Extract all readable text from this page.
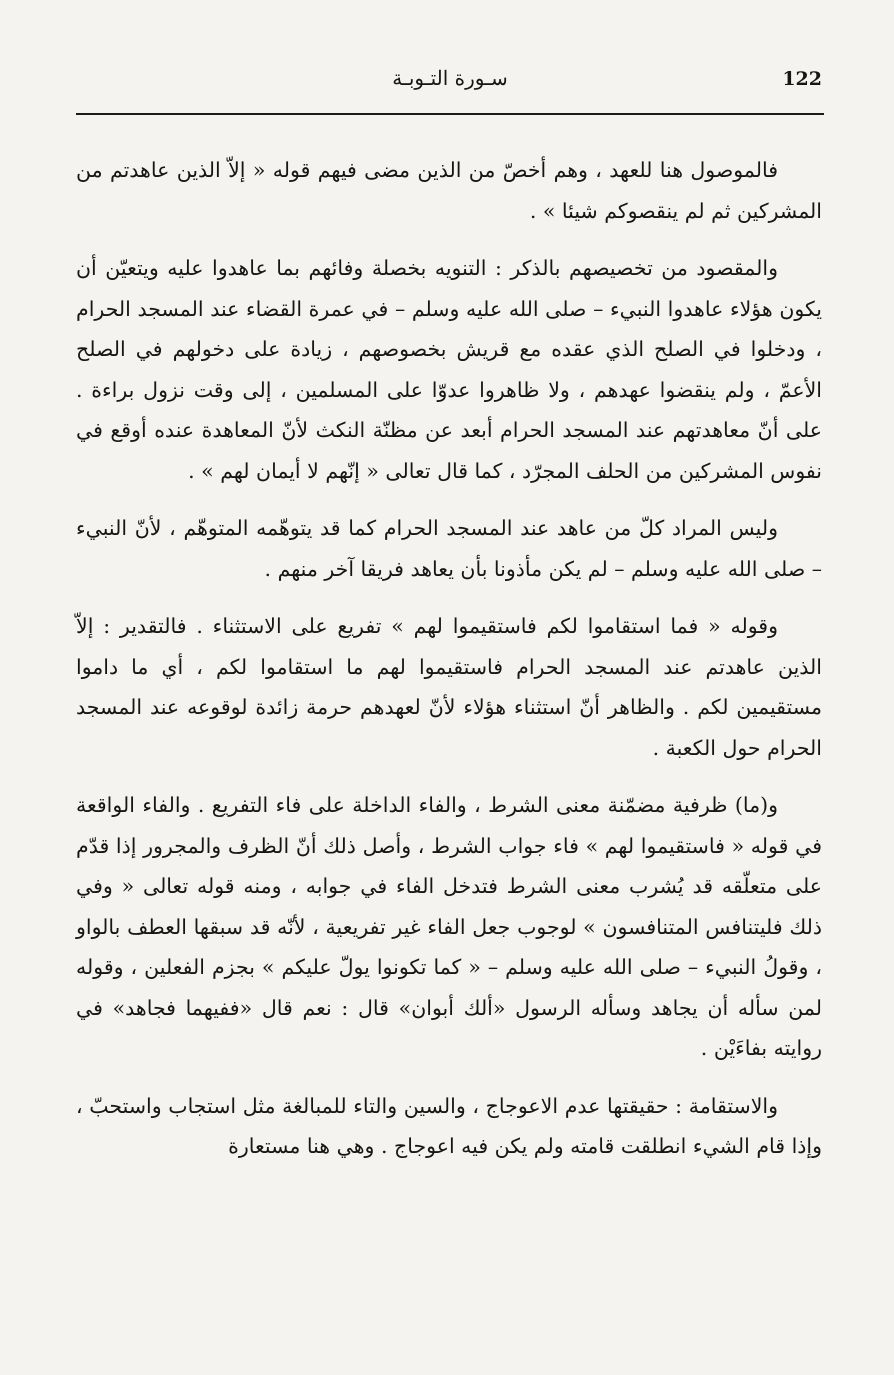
122
سـورة التـوبـة

فالموصول هنا للعهد ، وهم أخصّ من الذين مضى فيهم قوله « إلاّ الذين عاهدتم من المشركين ثم لم ينقصوكم شيئا » .

والمقصود من تخصيصهم بالذكر : التنويه بخصلة وفائهم بما عاهدوا عليه ويتعيّن أن يكون هؤلاء عاهدوا النبيء – صلى الله عليه وسلم – في عمرة القضاء عند المسجد الحرام ، ودخلوا في الصلح الذي عقده مع قريش بخصوصهم ، زيادة على دخولهم في الصلح الأعمّ ، ولم ينقضوا عهدهم ، ولا ظاهروا عدوّا على المسلمين ، إلى وقت نزول براءة . على أنّ معاهدتهم عند المسجد الحرام أبعد عن مظنّة النكث لأنّ المعاهدة عنده أوقع في نفوس المشركين من الحلف المجرّد ، كما قال تعالى « إنّهم لا أيمان لهم » .

وليس المراد كلّ من عاهد عند المسجد الحرام كما قد يتوهّمه المتوهّم ، لأنّ النبيء – صلى الله عليه وسلم – لم يكن مأذونا بأن يعاهد فريقا آخر منهم .

وقوله « فما استقاموا لكم فاستقيموا لهم » تفريع على الاستثناء . فالتقدير : إلاّ الذين عاهدتم عند المسجد الحرام فاستقيموا لهم ما استقاموا لكم ، أي ما داموا مستقيمين لكم . والظاهر أنّ استثناء هؤلاء لأنّ لعهدهم حرمة زائدة لوقوعه عند المسجد الحرام حول الكعبة .

و(ما) ظرفية مضمّنة معنى الشرط ، والفاء الداخلة على فاء التفريع . والفاء الواقعة في قوله « فاستقيموا لهم » فاء جواب الشرط ، وأصل ذلك أنّ الظرف والمجرور إذا قدّم على متعلّقه قد يُشرب معنى الشرط فتدخل الفاء في جوابه ، ومنه قوله تعالى « وفي ذلك فليتنافس المتنافسون » لوجوب جعل الفاء غير تفريعية ، لأنّه قد سبقها العطف بالواو ، وقولُ النبيء – صلى الله عليه وسلم – « كما تكونوا يولّ عليكم » بجزم الفعلين ، وقوله لمن سأله أن يجاهد وسأله الرسول «ألك أبوان» قال : نعم قال «ففيهما فجاهد» في روايته بفاءَيْن .

والاستقامة : حقيقتها عدم الاعوجاج ، والسين والتاء للمبالغة مثل استجاب واستحبّ ، وإذا قام الشيء انطلقت قامته ولم يكن فيه اعوجاج . وهي هنا مستعارة
